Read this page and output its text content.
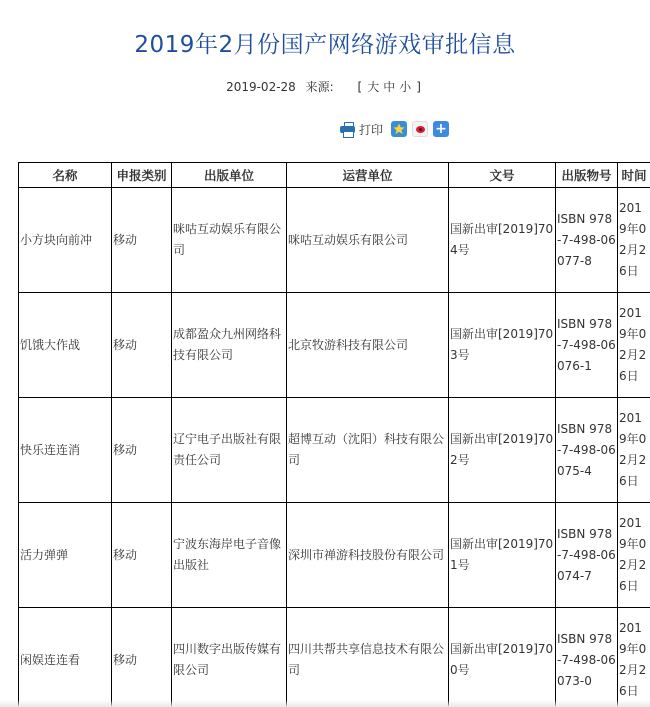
2019年2月份国产网络游戏审批信息
2019-02-28 来源: [ 大 中 小 ]
打印	+
名称	申报类别	出版单位	运营单位	文号	出版物号	时间
小方块向前冲	移动	咪咕互动娱乐有限公司	咪咕互动娱乐有限公司	国新出审[2019]704号	ISBN 978-7-498-06077-8	2019年02月26日
饥饿大作战	移动	成都盈众九州网络科技有限公司	北京牧游科技有限公司	国新出审[2019]703号	ISBN 978-7-498-06076-1	2019年02月26日
快乐连连消	移动	辽宁电子出版社有限责任公司	超博互动（沈阳）科技有限公司	国新出审[2019]702号	ISBN 978-7-498-06075-4	2019年02月26日
活力弹弹	移动	宁波东海岸电子音像出版社	深圳市禅游科技股份有限公司	国新出审[2019]701号	ISBN 978-7-498-06074-7	2019年02月26日
闲娱连连看	移动	四川数字出版传媒有限公司	四川共帮共享信息技术有限公司	国新出审[2019]700号	ISBN 978-7-498-06073-0	2019年02月26日
